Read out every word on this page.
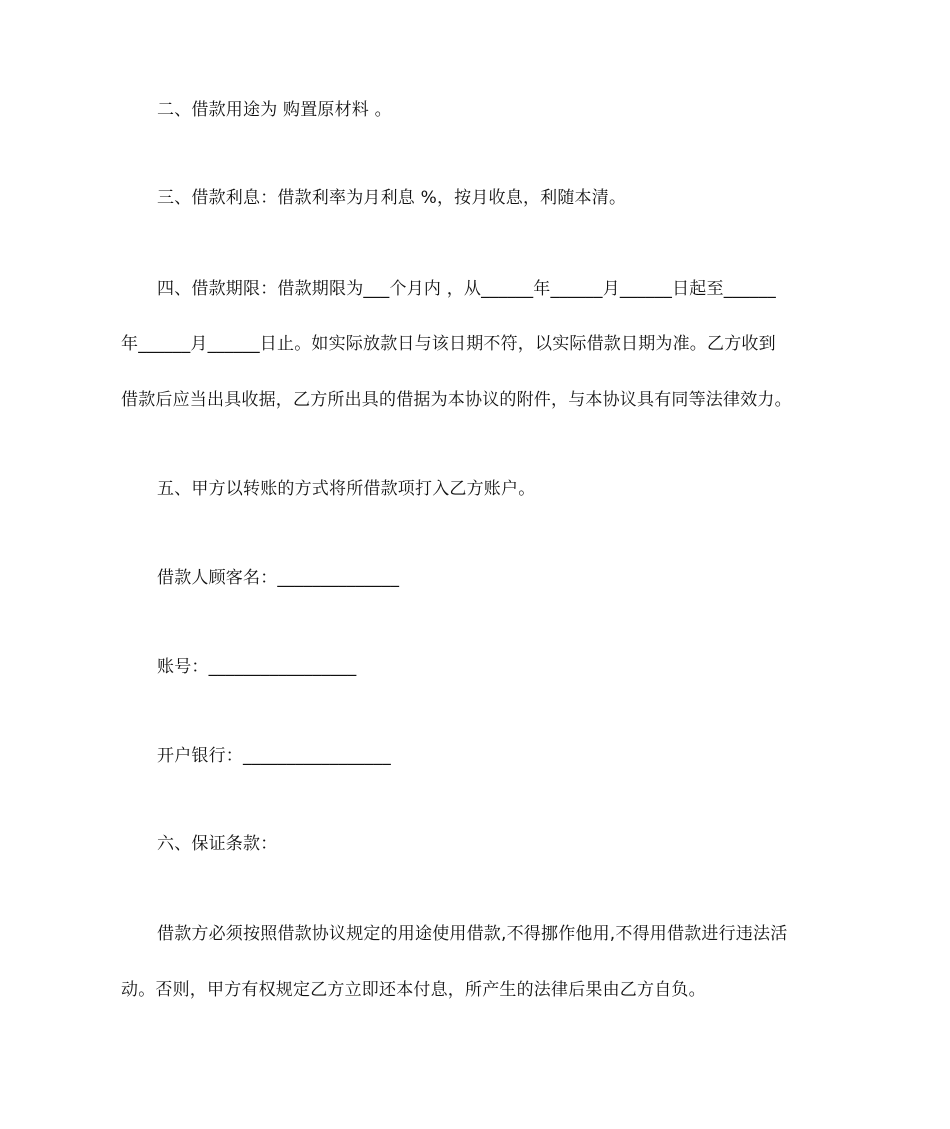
二、借款用途为 购置原材料 。
三、借款利息：借款利率为月利息 %，按月收息，利随本清。
四、借款期限：借款期限为___个月内 ，从______年______月______日起至______
年______月______日止。如实际放款日与该日期不符，以实际借款日期为准。乙方收到
借款后应当出具收据，乙方所出具的借据为本协议的附件，与本协议具有同等法律效力。
五、甲方以转账的方式将所借款项打入乙方账户。
借款人顾客名：______________
账号：_________________
开户银行：_________________
六、保证条款：
借款方必须按照借款协议规定的用途使用借款,不得挪作他用,不得用借款进行违法活
动。否则，甲方有权规定乙方立即还本付息，所产生的法律后果由乙方自负。
